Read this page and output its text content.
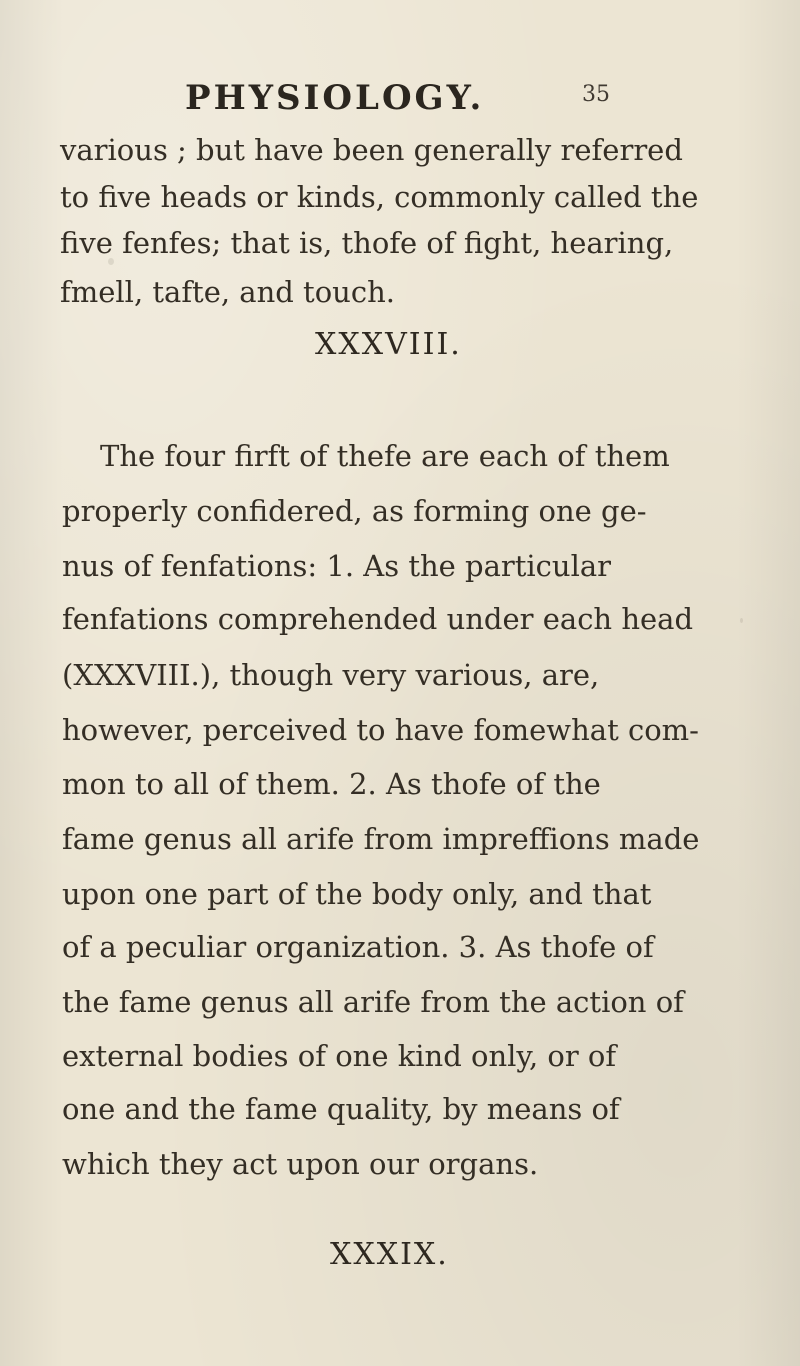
PHYSIOLOGY.	35
various ; but have been generally referred
to five heads or kinds, commonly called the
five fenfes; that is, thofe of fight, hearing,
fmell, tafte, and touch.
XXXVIII.
The four firft of thefe are each of them
properly confidered, as forming one ge-
nus of fenfations: 1. As the particular
fenfations comprehended under each head
(XXXVIII.), though very various, are,
however, perceived to have fomewhat com-
mon to all of them. 2. As thofe of the
fame genus all arife from impreffions made
upon one part of the body only, and that
of a peculiar organization. 3. As thofe of
the fame genus all arife from the action of
external bodies of one kind only, or of
one and the fame quality, by means of
which they act upon our organs.
XXXIX.
